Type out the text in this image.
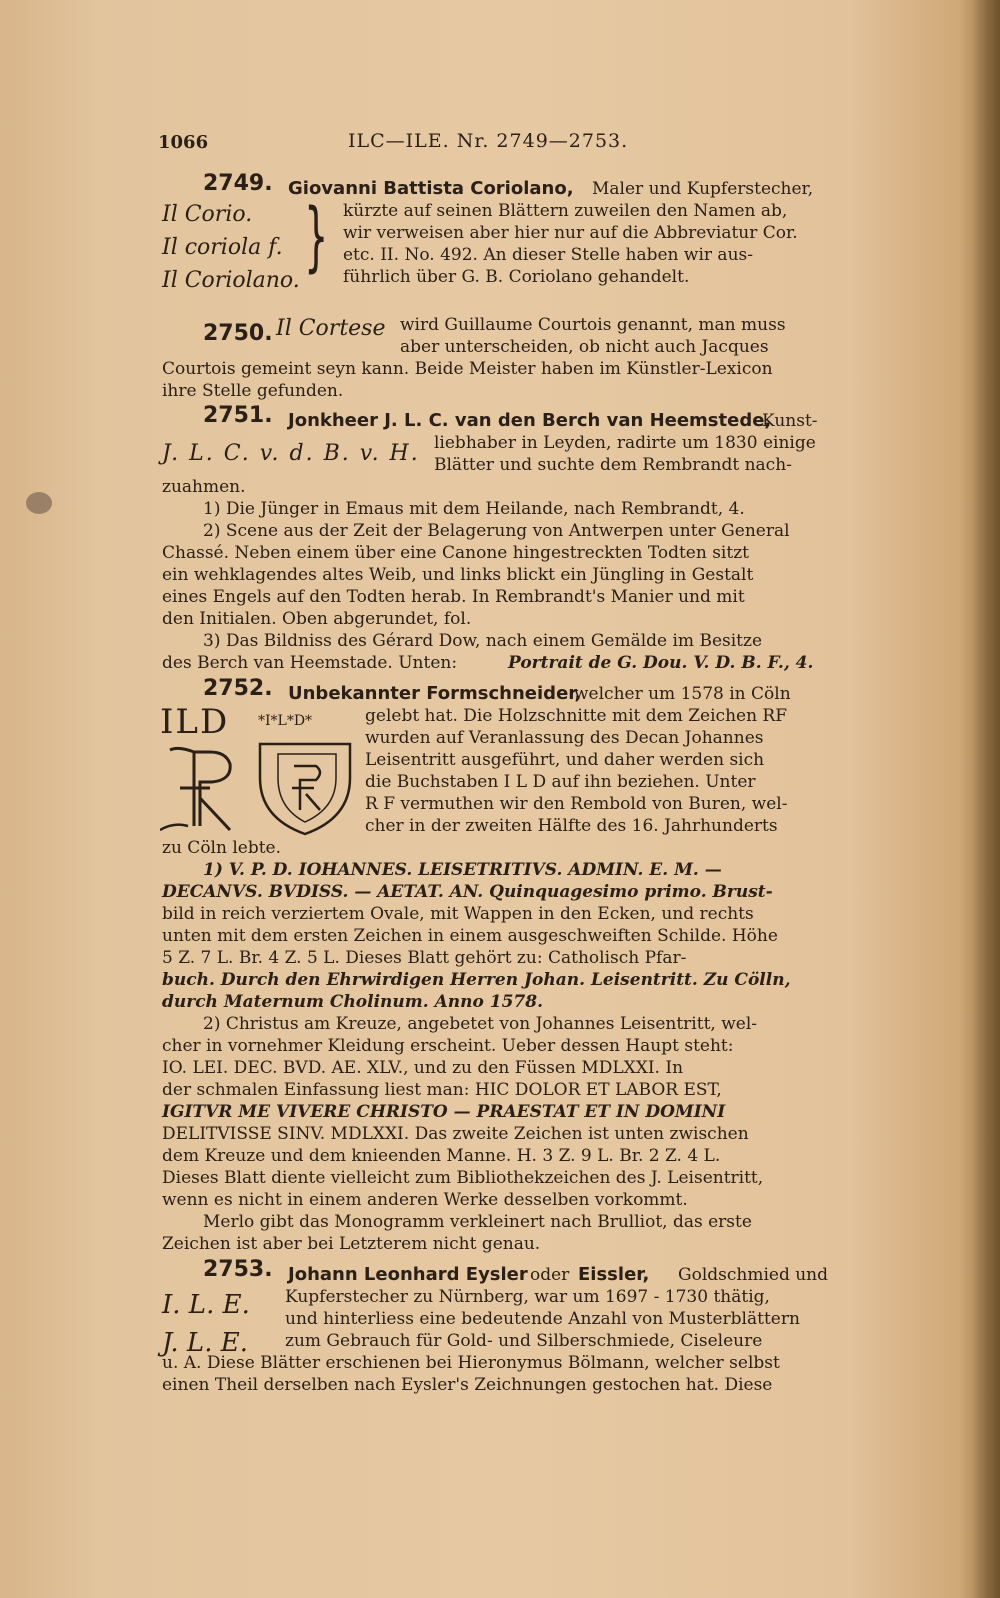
1066	ILC—ILE. Nr. 2749—2753.
2749. Giovanni Battista Coriolano, Maler und Kupferstecher,
Il Corio.
Il coriola f.
Il Coriolano.
} kürzte auf seinen Blättern zuweilen den Namen ab,
wir verweisen aber hier nur auf die Abbreviatur Cor.
etc. II. No. 492. An dieser Stelle haben wir aus-
führlich über G. B. Coriolano gehandelt.
2750. Il Cortese wird Guillaume Courtois genannt, man muss
aber unterscheiden, ob nicht auch Jacques
Courtois gemeint seyn kann. Beide Meister haben im Künstler-Lexicon
ihre Stelle gefunden.
2751. Jonkheer J. L. C. van den Berch van Heemstede,
Kunst-
J. L. C. v. d. B. v. H. liebhaber in Leyden, radirte um 1830 einige
Blätter und suchte dem Rembrandt nach-
zuahmen.
1) Die Jünger in Emaus mit dem Heilande, nach Rembrandt, 4.
2) Scene aus der Zeit der Belagerung von Antwerpen unter General
Chassé. Neben einem über eine Canone hingestreckten Todten sitzt
ein wehklagendes altes Weib, und links blickt ein Jüngling in Gestalt
eines Engels auf den Todten herab. In Rembrandt's Manier und mit
den Initialen. Oben abgerundet, fol.
3) Das Bildniss des Gérard Dow, nach einem Gemälde im Besitze
des Berch van Heemstade. Unten:	Portrait de G. Dou. V. D. B. F., 4.
2752. Unbekannter Formschneider,
welcher um 1578 in Cöln
ILD *I*L*D*	gelebt hat. Die Holzschnitte mit dem Zeichen RF
wurden auf Veranlassung des Decan Johannes
Leisentritt ausgeführt, und daher werden sich
die Buchstaben I L D auf ihn beziehen. Unter
R F vermuthen wir den Rembold von Buren, wel-
cher in der zweiten Hälfte des 16. Jahrhunderts
zu Cöln lebte.
1) V. P. D. IOHANNES. LEISETRITIVS. ADMIN. E. M. —
DECANVS. BVDISS. — AETAT. AN. Quinquagesimo primo. Brust-
bild in reich verziertem Ovale, mit Wappen in den Ecken, und rechts
unten mit dem ersten Zeichen in einem ausgeschweiften Schilde. Höhe
5 Z. 7 L. Br. 4 Z. 5 L. Dieses Blatt gehört zu: Catholisch Pfar-
buch. Durch den Ehrwirdigen Herren Johan. Leisentritt. Zu Cölln,
durch Maternum Cholinum. Anno 1578.
2) Christus am Kreuze, angebetet von Johannes Leisentritt, wel-
cher in vornehmer Kleidung erscheint. Ueber dessen Haupt steht:
IO. LEI. DEC. BVD. AE. XLV., und zu den Füssen MDLXXI. In
der schmalen Einfassung liest man: HIC DOLOR ET LABOR EST,
IGITVR ME VIVERE CHRISTO — PRAESTAT ET IN DOMINI
DELITVISSE SINV. MDLXXI. Das zweite Zeichen ist unten zwischen
dem Kreuze und dem knieenden Manne. H. 3 Z. 9 L. Br. 2 Z. 4 L.
Dieses Blatt diente vielleicht zum Bibliothekzeichen des J. Leisentritt,
wenn es nicht in einem anderen Werke desselben vorkommt.
Merlo gibt das Monogramm verkleinert nach Brulliot, das erste
Zeichen ist aber bei Letzterem nicht genau.
2753. Johann Leonhard Eysler oder Eissler, Goldschmied und
I. L. E.
J. L. E.
Kupferstecher zu Nürnberg, war um 1697 - 1730 thätig,
und hinterliess eine bedeutende Anzahl von Musterblättern
zum Gebrauch für Gold- und Silberschmiede, Ciseleure
u. A. Diese Blätter erschienen bei Hieronymus Bölmann, welcher selbst
einen Theil derselben nach Eysler's Zeichnungen gestochen hat. Diese
